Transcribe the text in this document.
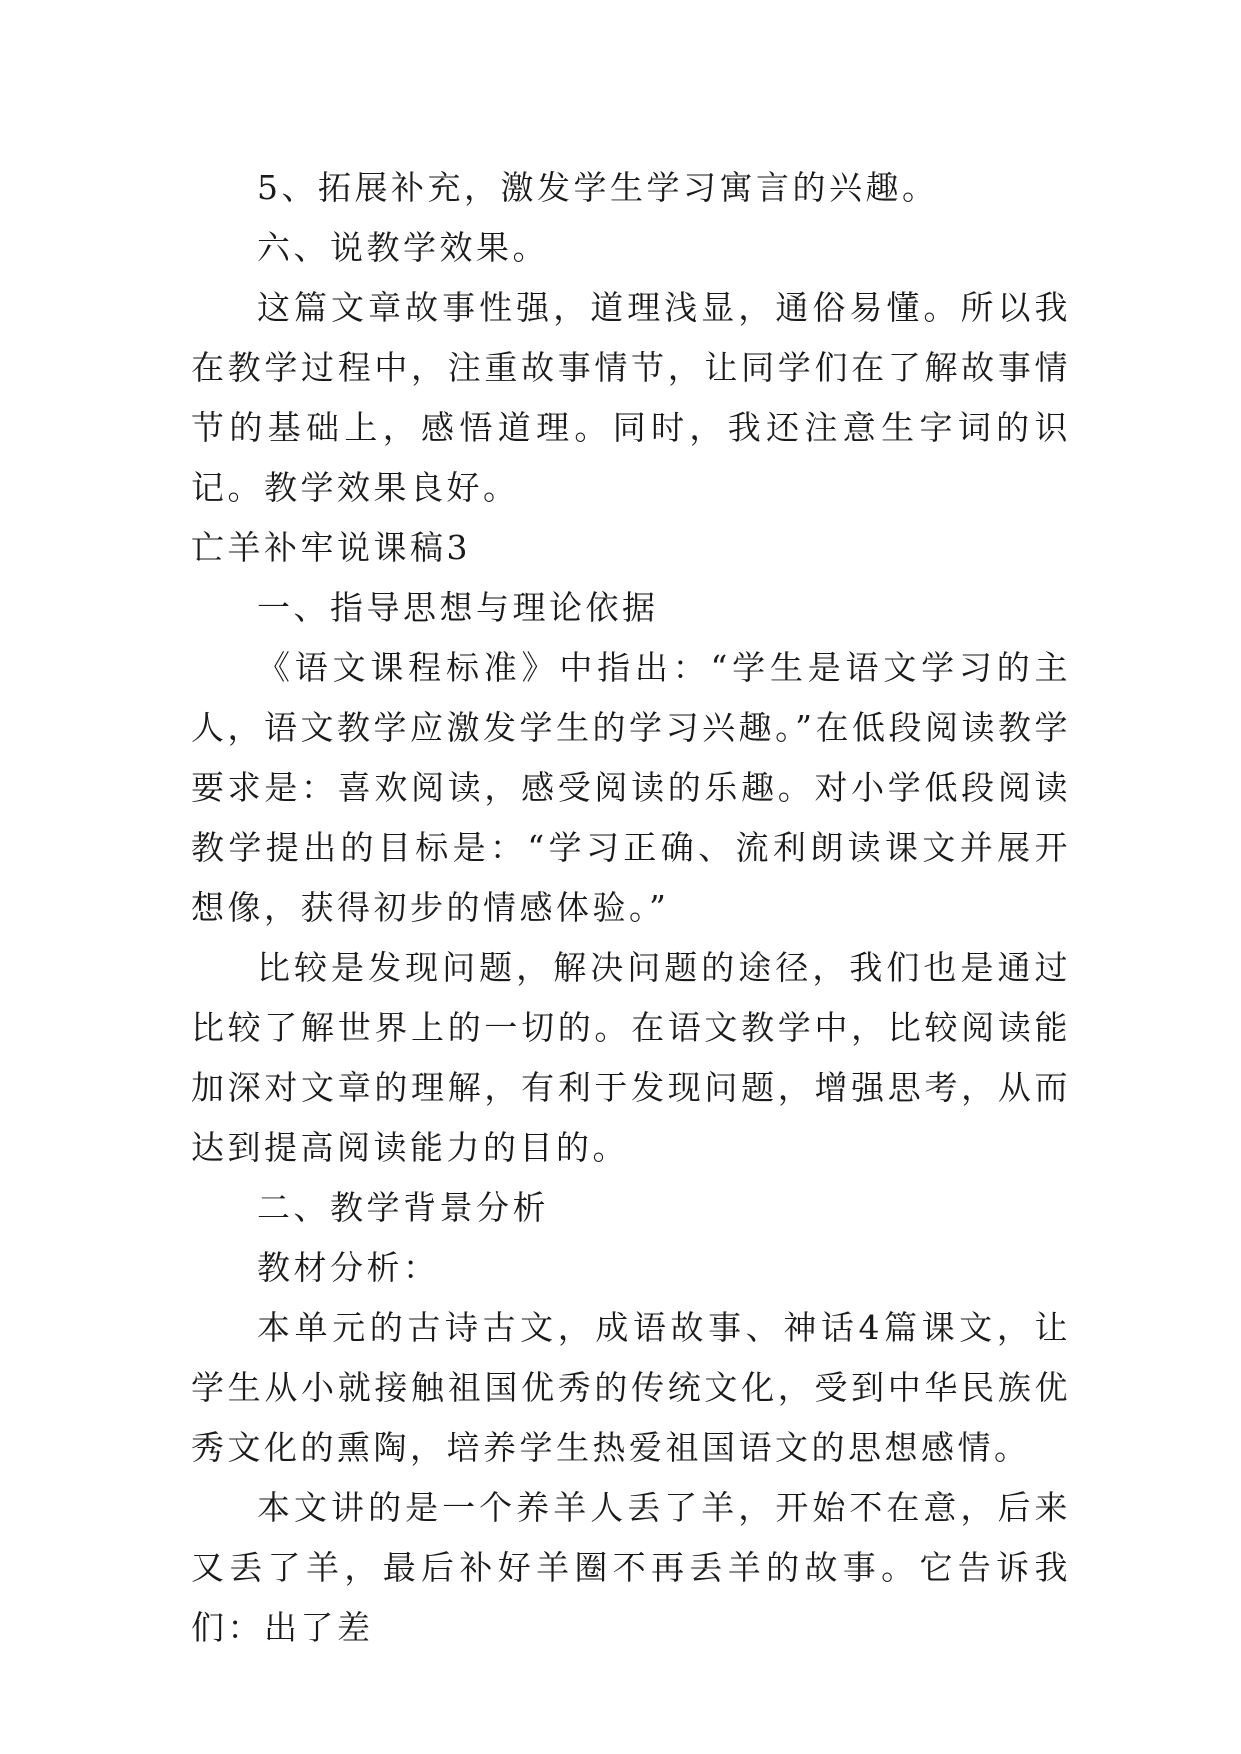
5、拓展补充，激发学生学习寓言的兴趣。

六、说教学效果。

这篇文章故事性强，道理浅显，通俗易懂。所以我在教学过程中，注重故事情节，让同学们在了解故事情节的基础上，感悟道理。同时，我还注意生字词的识记。教学效果良好。

亡羊补牢说课稿3

一、指导思想与理论依据

《语文课程标准》中指出：“学生是语文学习的主人，语文教学应激发学生的学习兴趣。”在低段阅读教学要求是：喜欢阅读，感受阅读的乐趣。对小学低段阅读教学提出的目标是：“学习正确、流利朗读课文并展开想像，获得初步的情感体验。”

比较是发现问题，解决问题的途径，我们也是通过比较了解世界上的一切的。在语文教学中，比较阅读能加深对文章的理解，有利于发现问题，增强思考，从而达到提高阅读能力的目的。

二、教学背景分析

教材分析：

本单元的古诗古文，成语故事、神话4篇课文，让学生从小就接触祖国优秀的传统文化，受到中华民族优秀文化的熏陶，培养学生热爱祖国语文的思想感情。

本文讲的是一个养羊人丢了羊，开始不在意，后来又丢了羊，最后补好羊圈不再丢羊的故事。它告诉我们：出了差
